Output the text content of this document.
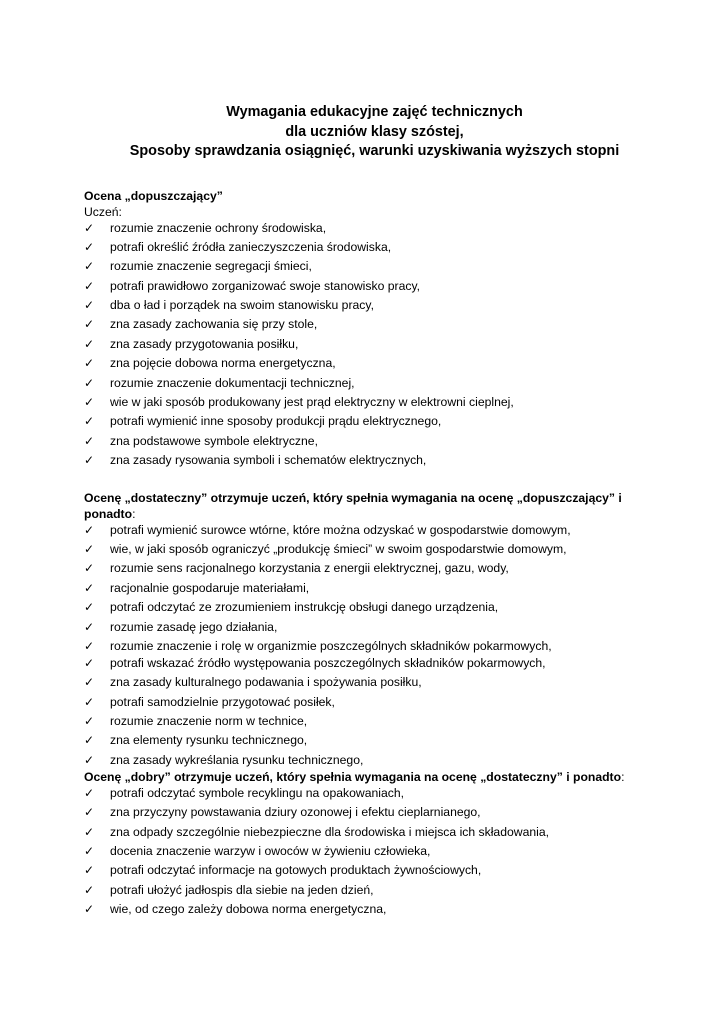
Wymagania edukacyjne zajęć technicznych
dla uczniów klasy szóstej,
Sposoby sprawdzania osiągnięć, warunki uzyskiwania wyższych stopni

Ocena „dopuszczający”

Uczeń:

✓	rozumie znaczenie ochrony środowiska,
✓	potrafi określić źródła zanieczyszczenia środowiska,
✓	rozumie znaczenie segregacji śmieci,
✓	potrafi prawidłowo zorganizować swoje stanowisko pracy,
✓	dba o ład i porządek na swoim stanowisku pracy,
✓	zna zasady zachowania się przy stole,
✓	zna zasady przygotowania posiłku,
✓	zna pojęcie dobowa norma energetyczna,
✓	rozumie znaczenie dokumentacji technicznej,
✓	wie w jaki sposób produkowany jest prąd elektryczny w elektrowni cieplnej,
✓	potrafi wymienić inne sposoby produkcji prądu elektrycznego,
✓	zna podstawowe symbole elektryczne,
✓	zna zasady rysowania symboli i schematów elektrycznych,

Ocenę „dostateczny” otrzymuje uczeń, który spełnia wymagania na ocenę „dopuszczający” i
ponadto:

✓	potrafi wymienić surowce wtórne, które można odzyskać w gospodarstwie domowym,
✓	wie, w jaki sposób ograniczyć „produkcję śmieci” w swoim gospodarstwie domowym,
✓	rozumie sens racjonalnego korzystania z energii elektrycznej, gazu, wody,
✓	racjonalnie gospodaruje materiałami,
✓	potrafi odczytać ze zrozumieniem instrukcję obsługi danego urządzenia,
✓	rozumie zasadę jego działania,
✓	rozumie znaczenie i rolę w organizmie poszczególnych składników pokarmowych,
✓	potrafi wskazać źródło występowania poszczególnych składników pokarmowych,
✓	zna zasady kulturalnego podawania i spożywania posiłku,
✓	potrafi samodzielnie przygotować posiłek,
✓	rozumie znaczenie norm w technice,
✓	zna elementy rysunku technicznego,
✓	zna zasady wykreślania rysunku technicznego,

Ocenę „dobry” otrzymuje uczeń, który spełnia wymagania na ocenę „dostateczny” i ponadto:

✓	potrafi odczytać symbole recyklingu na opakowaniach,
✓	zna przyczyny powstawania dziury ozonowej i efektu cieplarnianego,
✓	zna odpady szczególnie niebezpieczne dla środowiska i miejsca ich składowania,
✓	docenia znaczenie warzyw i owoców w żywieniu człowieka,
✓	potrafi odczytać informacje na gotowych produktach żywnościowych,
✓	potrafi ułożyć jadłospis dla siebie na jeden dzień,
✓	wie, od czego zależy dobowa norma energetyczna,
